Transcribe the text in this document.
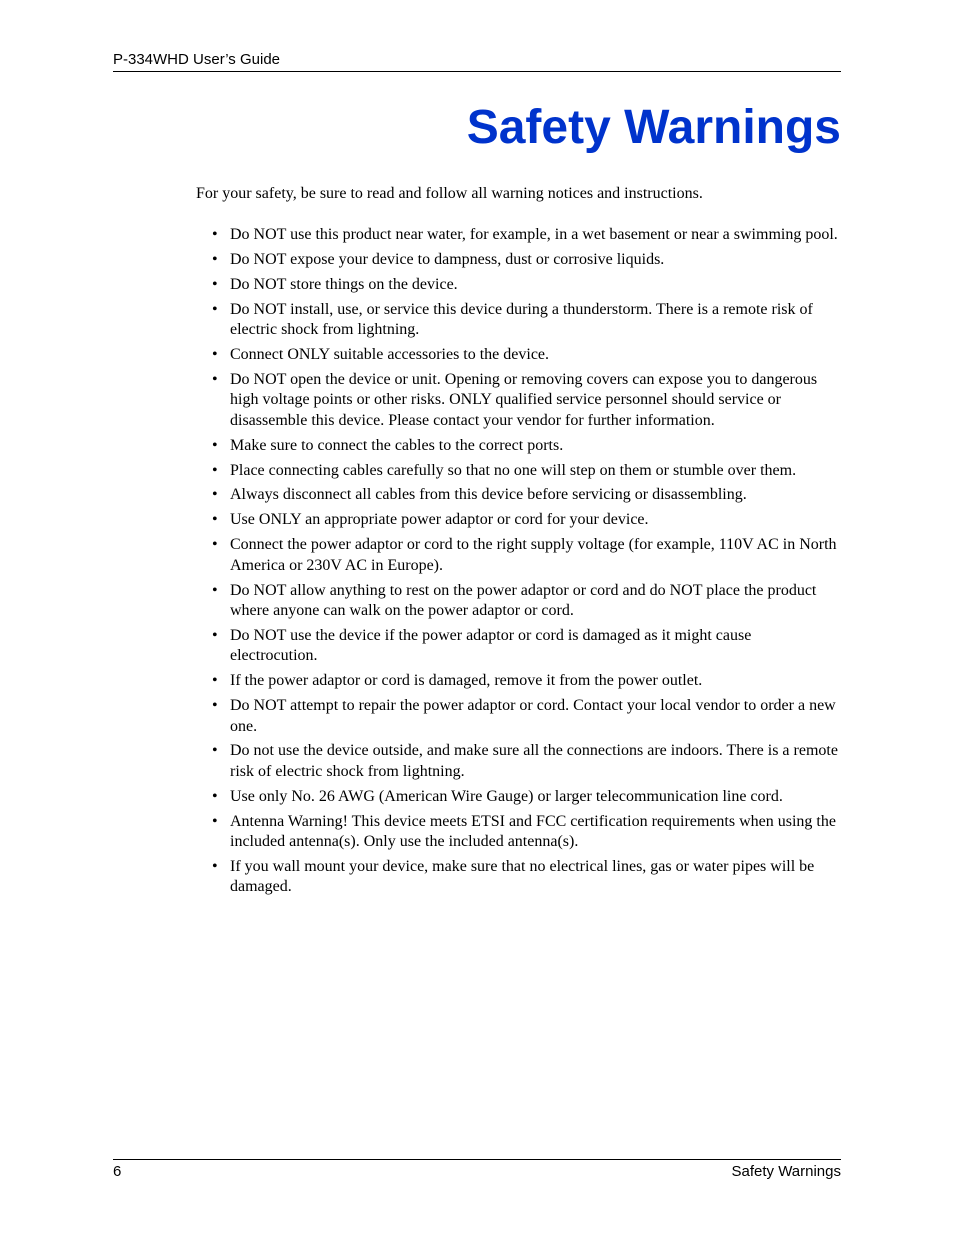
P-334WHD User’s Guide
Safety Warnings

For your safety, be sure to read and follow all warning notices and instructions.

• Do NOT use this product near water, for example, in a wet basement or near a swimming pool.
• Do NOT expose your device to dampness, dust or corrosive liquids.
• Do NOT store things on the device.
• Do NOT install, use, or service this device during a thunderstorm. There is a remote risk of electric shock from lightning.
• Connect ONLY suitable accessories to the device.
• Do NOT open the device or unit. Opening or removing covers can expose you to dangerous high voltage points or other risks. ONLY qualified service personnel should service or disassemble this device. Please contact your vendor for further information.
• Make sure to connect the cables to the correct ports.
• Place connecting cables carefully so that no one will step on them or stumble over them.
• Always disconnect all cables from this device before servicing or disassembling.
• Use ONLY an appropriate power adaptor or cord for your device.
• Connect the power adaptor or cord to the right supply voltage (for example, 110V AC in North America or 230V AC in Europe).
• Do NOT allow anything to rest on the power adaptor or cord and do NOT place the product where anyone can walk on the power adaptor or cord.
• Do NOT use the device if the power adaptor or cord is damaged as it might cause electrocution.
• If the power adaptor or cord is damaged, remove it from the power outlet.
• Do NOT attempt to repair the power adaptor or cord. Contact your local vendor to order a new one.
• Do not use the device outside, and make sure all the connections are indoors. There is a remote risk of electric shock from lightning.
• Use only No. 26 AWG (American Wire Gauge) or larger telecommunication line cord.
• Antenna Warning! This device meets ETSI and FCC certification requirements when using the included antenna(s). Only use the included antenna(s).
• If you wall mount your device, make sure that no electrical lines, gas or water pipes will be damaged.
6	Safety Warnings
